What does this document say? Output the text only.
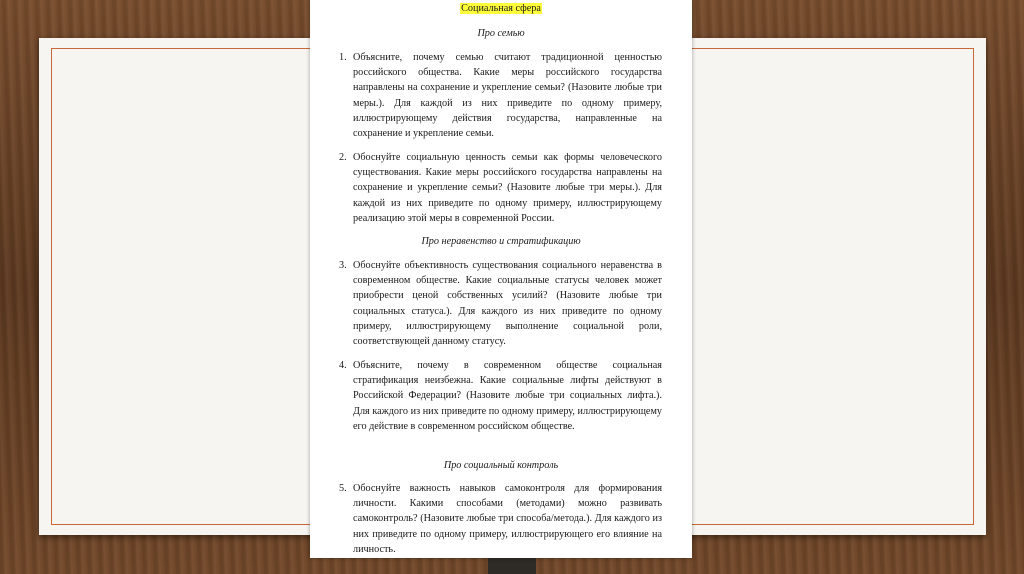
Социальная сфера
Про семью
1. Объясните, почему семью считают традиционной ценностью российского общества. Какие меры российского государства направлены на сохранение и укрепление семьи? (Назовите любые три меры.). Для каждой из них приведите по одному примеру, иллюстрирующему действия государства, направленные на сохранение и укрепление семьи.
2. Обоснуйте социальную ценность семьи как формы человеческого существования. Какие меры российского государства направлены на сохранение и укрепление семьи? (Назовите любые три меры.). Для каждой из них приведите по одному примеру, иллюстрирующему реализацию этой меры в современной России.
Про неравенство и стратификацию
3. Обоснуйте объективность существования социального неравенства в современном обществе. Какие социальные статусы человек может приобрести ценой собственных усилий? (Назовите любые три социальных статуса.). Для каждого из них приведите по одному примеру, иллюстрирующему выполнение социальной роли, соответствующей данному статусу.
4. Объясните, почему в современном обществе социальная стратификация неизбежна. Какие социальные лифты действуют в Российской Федерации? (Назовите любые три социальных лифта.). Для каждого из них приведите по одному примеру, иллюстрирующему его действие в современном российском обществе.
Про социальный контроль
5. Обоснуйте важность навыков самоконтроля для формирования личности. Какими способами (методами) можно развивать самоконтроль? (Назовите любые три способа/метода.). Для каждого из них приведите по одному примеру, иллюстрирующего его влияние на личность.
